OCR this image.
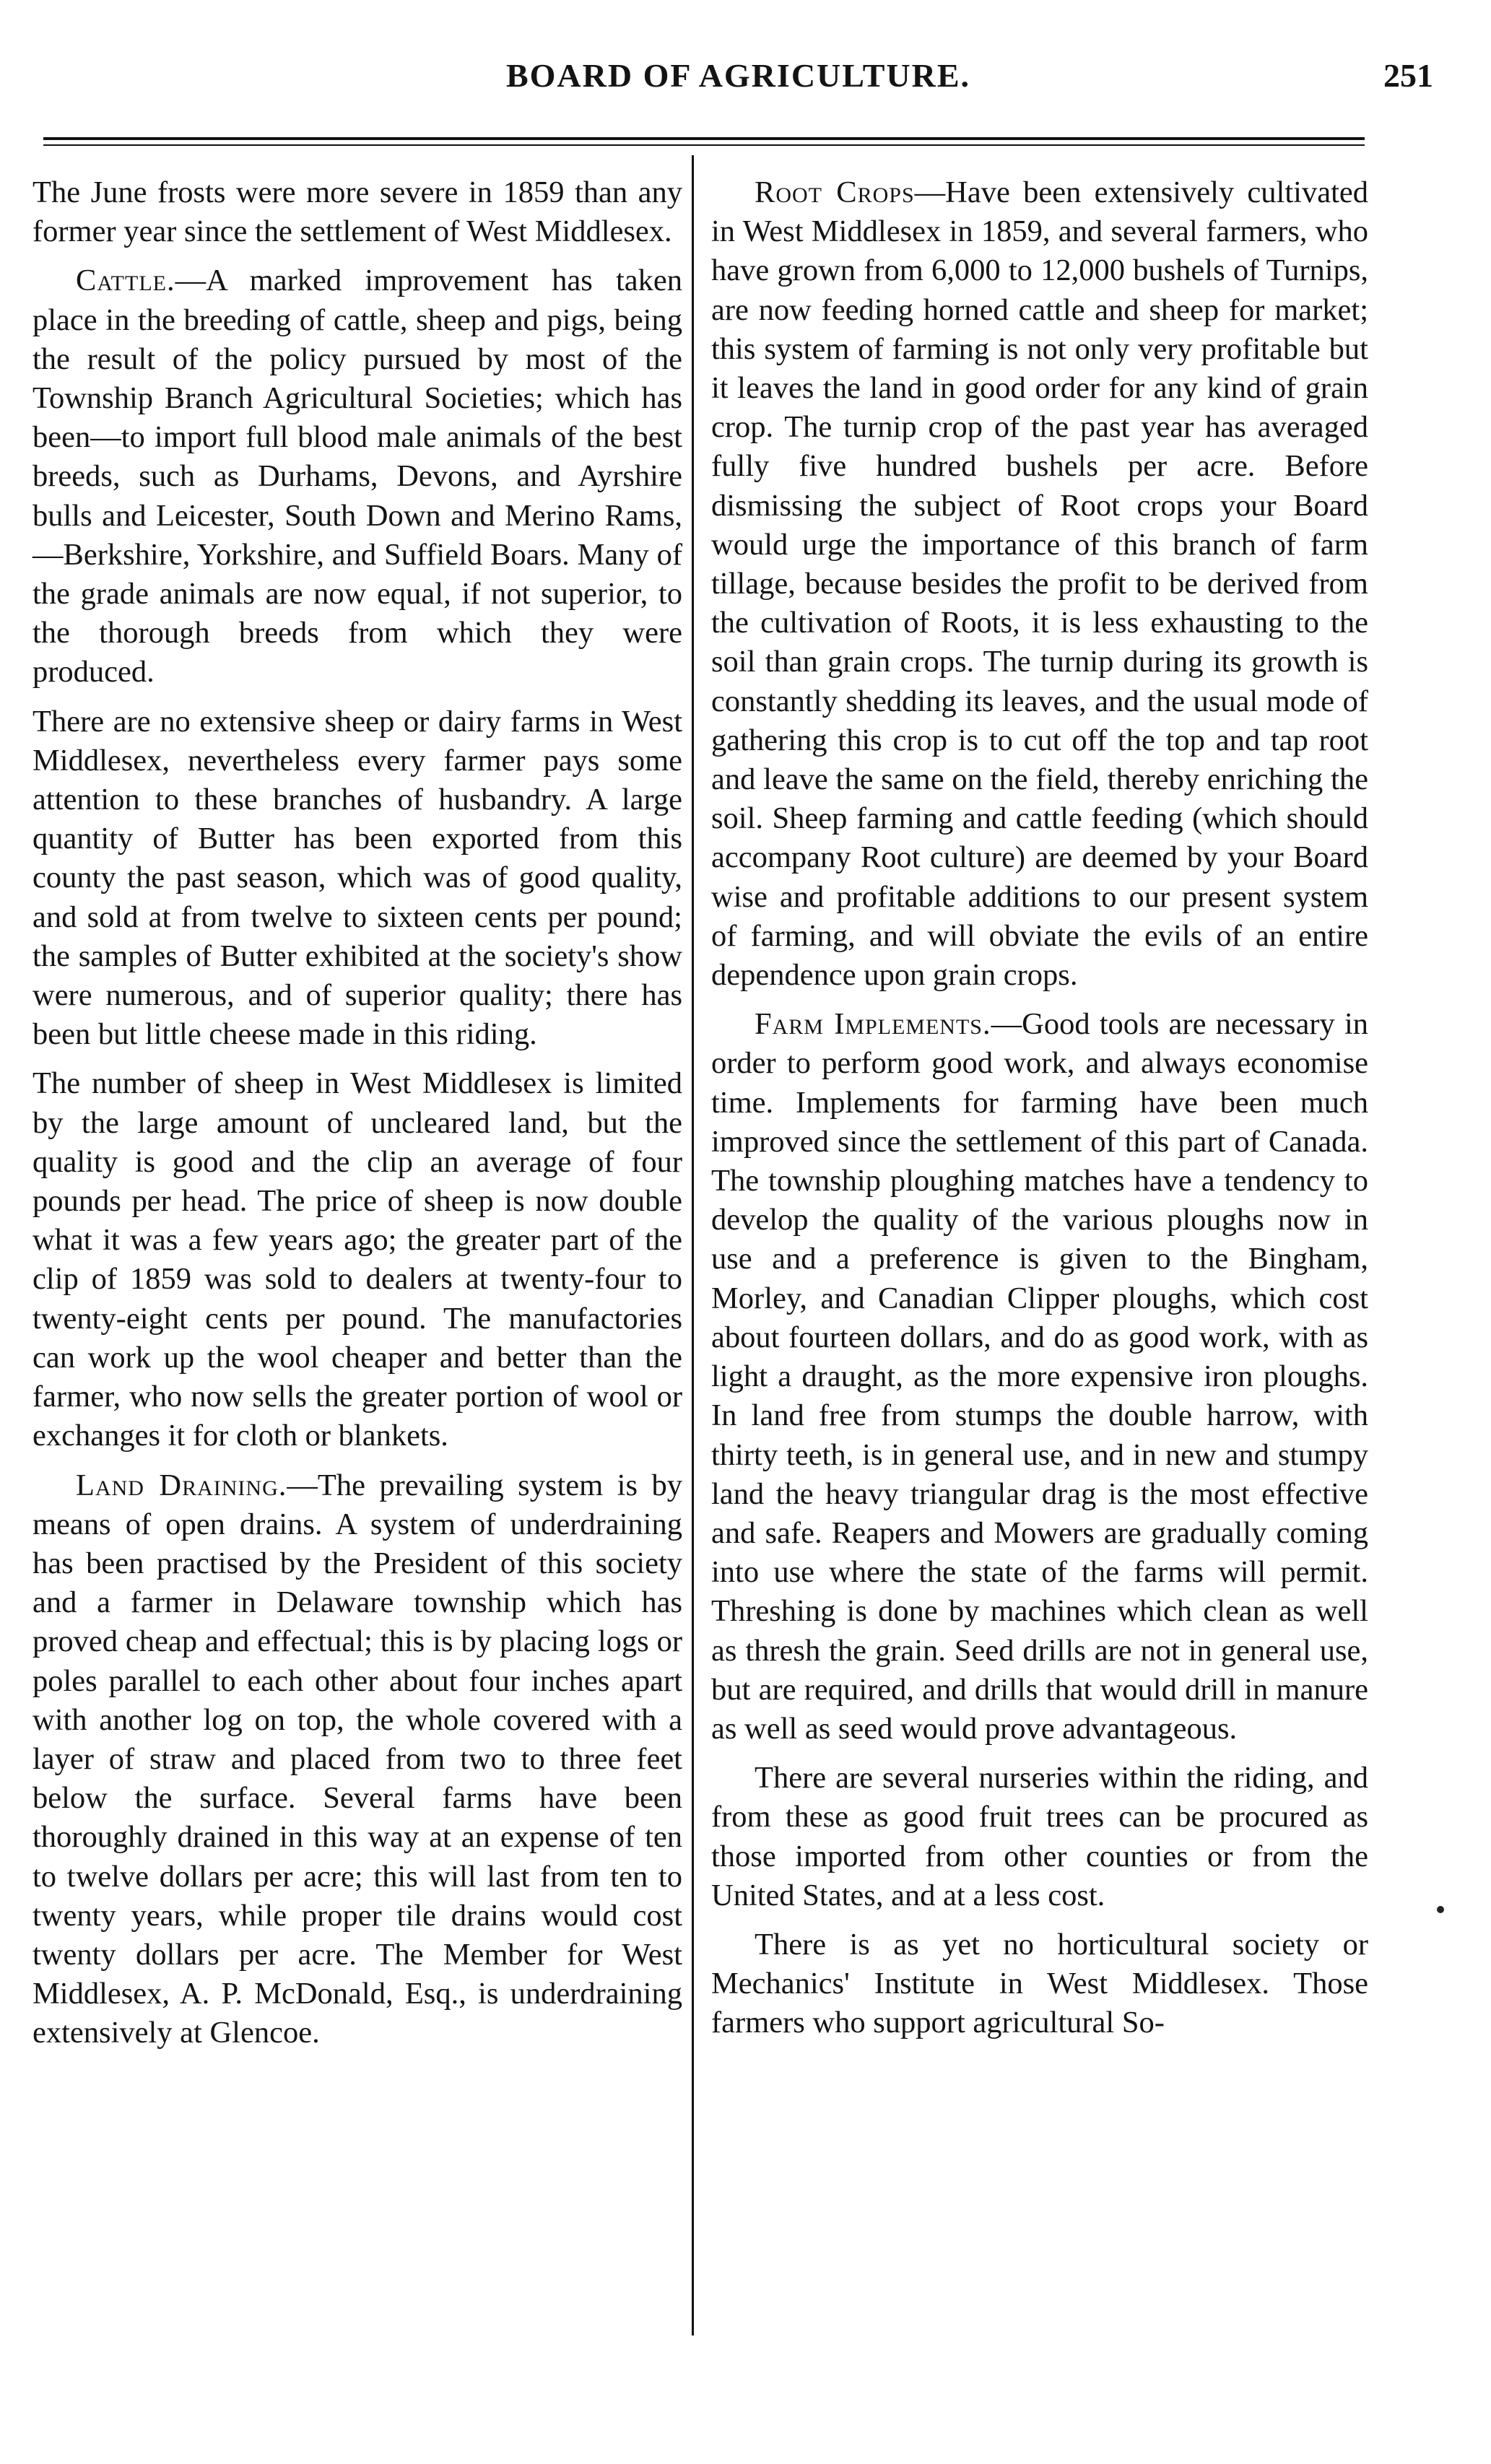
BOARD OF AGRICULTURE.	251

The June frosts were more severe in 1859 than any former year since the settlement of West Middlesex.

Cattle.—A marked improvement has taken place in the breeding of cattle, sheep and pigs, being the result of the policy pursued by most of the Township Branch Agricultural Societies; which has been—to import full blood male animals of the best breeds, such as Durhams, Devons, and Ayrshire bulls and Leicester, South Down and Merino Rams,—Berkshire, Yorkshire, and Suffield Boars. Many of the grade animals are now equal, if not superior, to the thorough breeds from which they were produced.

There are no extensive sheep or dairy farms in West Middlesex, nevertheless every farmer pays some attention to these branches of husbandry. A large quantity of Butter has been exported from this county the past season, which was of good quality, and sold at from twelve to sixteen cents per pound; the samples of Butter exhibited at the society's show were numerous, and of superior quality; there has been but little cheese made in this riding.

The number of sheep in West Middlesex is limited by the large amount of uncleared land, but the quality is good and the clip an average of four pounds per head. The price of sheep is now double what it was a few years ago; the greater part of the clip of 1859 was sold to dealers at twenty-four to twenty-eight cents per pound. The manufactories can work up the wool cheaper and better than the farmer, who now sells the greater portion of wool or exchanges it for cloth or blankets.

Land Draining.—The prevailing system is by means of open drains. A system of underdraining has been practised by the President of this society and a farmer in Delaware township which has proved cheap and effectual; this is by placing logs or poles parallel to each other about four inches apart with another log on top, the whole covered with a layer of straw and placed from two to three feet below the surface. Several farms have been thoroughly drained in this way at an expense of ten to twelve dollars per acre; this will last from ten to twenty years, while proper tile drains would cost twenty dollars per acre. The Member for West Middlesex, A. P. McDonald, Esq., is underdraining extensively at Glencoe.

Root Crops—Have been extensively cultivated in West Middlesex in 1859, and several farmers, who have grown from 6,000 to 12,000 bushels of Turnips, are now feeding horned cattle and sheep for market; this system of farming is not only very profitable but it leaves the land in good order for any kind of grain crop. The turnip crop of the past year has averaged fully five hundred bushels per acre. Before dismissing the subject of Root crops your Board would urge the importance of this branch of farm tillage, because besides the profit to be derived from the cultivation of Roots, it is less exhausting to the soil than grain crops. The turnip during its growth is constantly shedding its leaves, and the usual mode of gathering this crop is to cut off the top and tap root and leave the same on the field, thereby enriching the soil. Sheep farming and cattle feeding (which should accompany Root culture) are deemed by your Board wise and profitable additions to our present system of farming, and will obviate the evils of an entire dependence upon grain crops.

Farm Implements.—Good tools are necessary in order to perform good work, and always economise time. Implements for farming have been much improved since the settlement of this part of Canada. The township ploughing matches have a tendency to develop the quality of the various ploughs now in use and a preference is given to the Bingham, Morley, and Canadian Clipper ploughs, which cost about fourteen dollars, and do as good work, with as light a draught, as the more expensive iron ploughs. In land free from stumps the double harrow, with thirty teeth, is in general use, and in new and stumpy land the heavy triangular drag is the most effective and safe. Reapers and Mowers are gradually coming into use where the state of the farms will permit. Threshing is done by machines which clean as well as thresh the grain. Seed drills are not in general use, but are required, and drills that would drill in manure as well as seed would prove advantageous.

There are several nurseries within the riding, and from these as good fruit trees can be procured as those imported from other counties or from the United States, and at a less cost.

There is as yet no horticultural society or Mechanics' Institute in West Middlesex. Those farmers who support agricultural So-
